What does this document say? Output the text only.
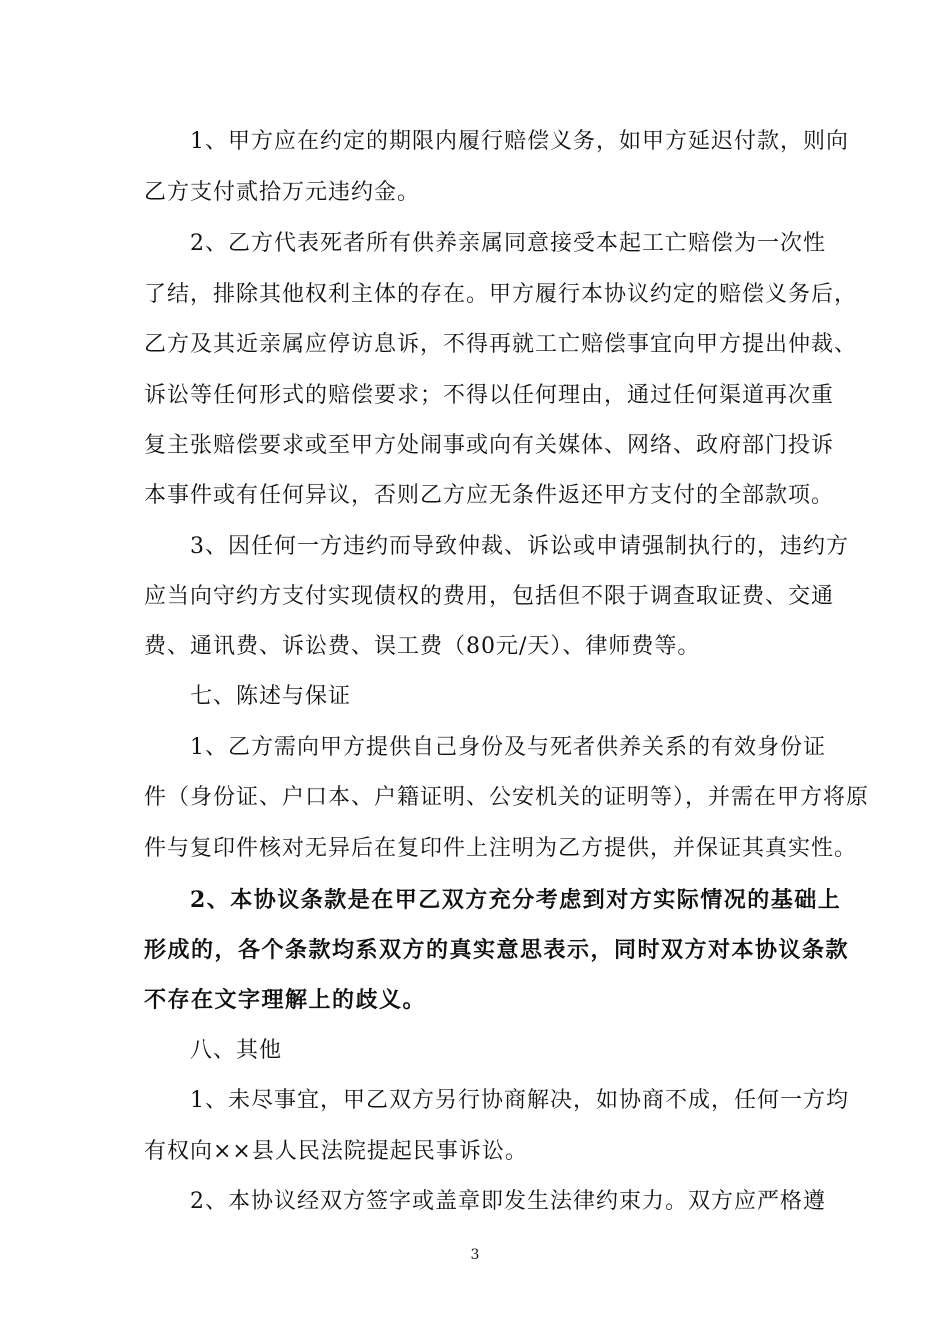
1、甲方应在约定的期限内履行赔偿义务，如甲方延迟付款，则向
乙方支付贰拾万元违约金。
2、乙方代表死者所有供养亲属同意接受本起工亡赔偿为一次性
了结，排除其他权利主体的存在。甲方履行本协议约定的赔偿义务后，
乙方及其近亲属应停访息诉，不得再就工亡赔偿事宜向甲方提出仲裁、
诉讼等任何形式的赔偿要求；不得以任何理由，通过任何渠道再次重
复主张赔偿要求或至甲方处闹事或向有关媒体、网络、政府部门投诉
本事件或有任何异议，否则乙方应无条件返还甲方支付的全部款项。
3、因任何一方违约而导致仲裁、诉讼或申请强制执行的，违约方
应当向守约方支付实现债权的费用，包括但不限于调查取证费、交通
费、通讯费、诉讼费、误工费（80元/天）、律师费等。
七、陈述与保证
1、乙方需向甲方提供自己身份及与死者供养关系的有效身份证
件（身份证、户口本、户籍证明、公安机关的证明等），并需在甲方将原
件与复印件核对无异后在复印件上注明为乙方提供，并保证其真实性。
2、本协议条款是在甲乙双方充分考虑到对方实际情况的基础上
形成的，各个条款均系双方的真实意思表示，同时双方对本协议条款
不存在文字理解上的歧义。
八、其他
1、未尽事宜，甲乙双方另行协商解决，如协商不成，任何一方均
有权向××县人民法院提起民事诉讼。
2、本协议经双方签字或盖章即发生法律约束力。双方应严格遵
3
